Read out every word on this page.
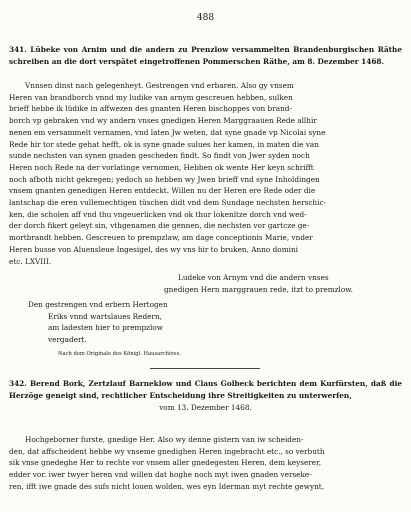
488

341. Lübeke von Arnim und die andern zu Prenzlow versammelten Brandenburgischen Räthe schreiben an die dort verspätet eingetroffenen Pommerschen Räthe, am 8. Dezember 1468.

Vnnsen dinst nach gelegenheyt. Gestrengen vnd erbaren. Also gy vnsem
Heren van brandborch vnnd my ludike van arnym gescreuen hebben, sulken
brieff hebbe ik lüdike in affwezen des gnanten Heren bischoppes von brand-
borch vp gebraken vnd wy andern vnses gnedigen Heren Marggraauen Rede allhir
nenen em versammelt vernamen, vnd laten Jw weten, dat syne gnade vp Nicolai syne
Rede hir tor stede gehat hefft, ok is syne gnade sulues her kamen, in maten die van
sunde nechsten van synen gnaden gescheden findt. So findt von Jwer syden noch
Heren noch Rede na der vorlatinge vernomen, Hebben ok wente Her keyn schrifft
noch afboth nicht gekregen; yedoch so hebben wy Jwen brieff vnd syne Inholdingen
vnsem gnanten genedigen Heren entdeckt. Willen nu der Heren ere Rede oder die
lantschap die eren vullemechtigen tüschen didt vnd dem Sundage nechsten herschic-
ken, die scholen aff vnd thu vngeuerlicken vnd ok thur lokenitze dorch vnd wed-
der dorch fikert geleyt sin, vthgenamen die gennen, die nechsten vor gartcze ge-
mortbrandt hebben. Gescreuen to prempzlaw, am dage conceptionis Marie, vnder
Heren busse von Aluensleue Ingesigel, des wy vns hir to bruken, Anno domini
etc. LXVIII.
Ludeke von Arnym vnd die andern vnses
gnedigen Hern marggrauen rede, itzt to premzlow.
Den gestrengen vnd erbern Hertogen
Eriks vnnd wartslaues Redern,
am ladesten hier to prempzlow
vergadert.
Nach dem Originale des Königl. Hausarchives.

342. Berend Bork, Zertzlauf Barneklow und Claus Golbeck berichten dem Kurfürsten, daß die Herzöge geneigt sind, rechtlicher Entscheidung ihre Streitigkeiten zu unterwerfen,
vom 13. Dezember 1468.

Hochgeborner furste, gnedige Her. Also wy denne gistern van iw scheiden-
den, dat affscheident hebbe wy vnseme gnedighen Heren ingebracht etc., so verbuth
sik vnse gnedeghe Her to rechte vor vnsem aller gnedegesten Heren, dem keyserer,
edder vor. iwer twyer heren vnd willen dat hoghe noch myt iwen gnaden verseke-
ren, ifft iwe gnade des sufs nicht louen wolden, wes eyn Iderman myt rechte gewynt,
